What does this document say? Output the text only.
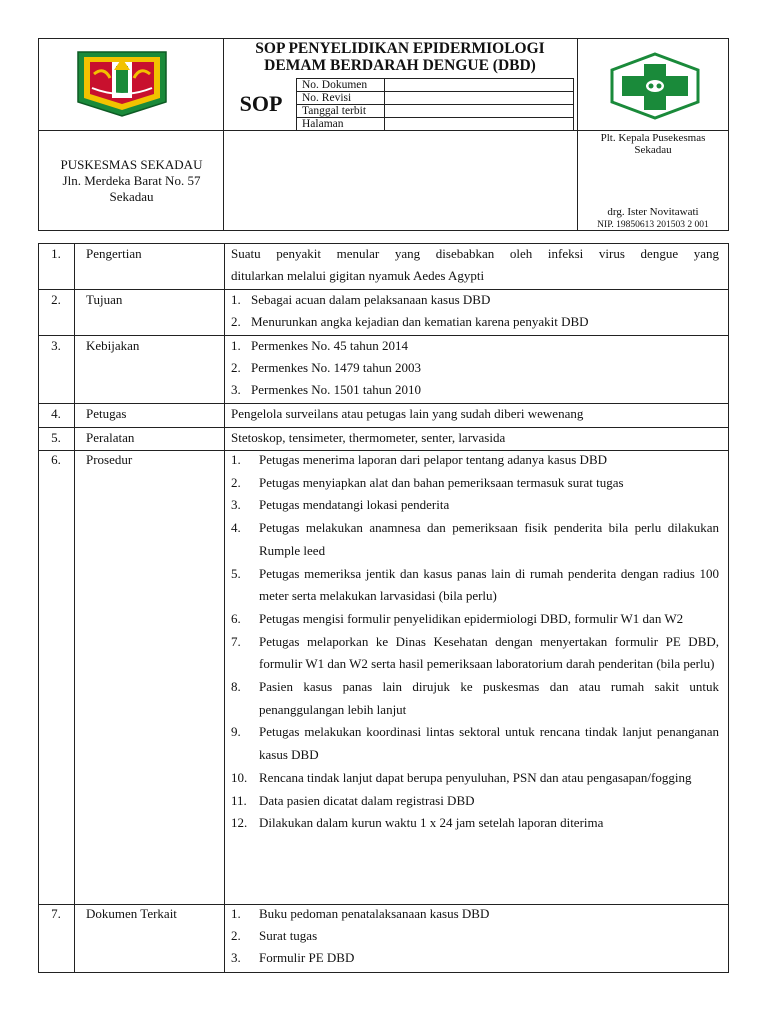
SOP PENYELIDIKAN EPIDERMIOLOGI
DEMAM BERDARAH DENGUE (DBD)
SOP
No. Dokumen
No. Revisi
Tanggal terbit
Halaman
PUSKESMAS SEKADAU
Jln. Merdeka Barat No. 57
Sekadau
Plt. Kepala Pusekesmas
Sekadau
drg. Ister Novitawati
NIP. 19850613 201503 2 001
1.	Pengertian	Suatu penyakit menular yang disebabkan oleh infeksi virus dengue yang
ditularkan melalui gigitan nyamuk Aedes Agypti
2.	Tujuan	1. Sebagai acuan dalam pelaksanaan kasus DBD
2. Menurunkan angka kejadian dan kematian karena penyakit DBD
3.	Kebijakan	1. Permenkes No. 45 tahun 2014
2. Permenkes No. 1479 tahun 2003
3. Permenkes No. 1501 tahun 2010
4.	Petugas	Pengelola surveilans atau petugas lain yang sudah diberi wewenang
5.	Peralatan	Stetoskop, tensimeter, thermometer, senter, larvasida
6.	Prosedur	1. Petugas menerima laporan dari pelapor tentang adanya kasus DBD
2. Petugas menyiapkan alat dan bahan pemeriksaan termasuk surat tugas
3. Petugas mendatangi lokasi penderita
4. Petugas melakukan anamnesa dan pemeriksaan fisik penderita bila perlu dilakukan Rumple leed
5. Petugas memeriksa jentik dan kasus panas lain di rumah penderita dengan radius 100 meter serta melakukan larvasidasi (bila perlu)
6. Petugas mengisi formulir penyelidikan epidermiologi DBD, formulir W1 dan W2
7. Petugas melaporkan ke Dinas Kesehatan dengan menyertakan formulir PE DBD, formulir W1 dan W2 serta hasil pemeriksaan laboratorium darah penderitan (bila perlu)
8. Pasien kasus panas lain dirujuk ke puskesmas dan atau rumah sakit untuk penanggulangan lebih lanjut
9. Petugas melakukan koordinasi lintas sektoral untuk rencana tindak lanjut penanganan kasus DBD
10. Rencana tindak lanjut dapat berupa penyuluhan, PSN dan atau pengasapan/fogging
11. Data pasien dicatat dalam registrasi DBD
12. Dilakukan dalam kurun waktu 1 x 24 jam setelah laporan diterima
7.	Dokumen Terkait	1. Buku pedoman penatalaksanaan kasus DBD
2. Surat tugas
3. Formulir PE DBD
